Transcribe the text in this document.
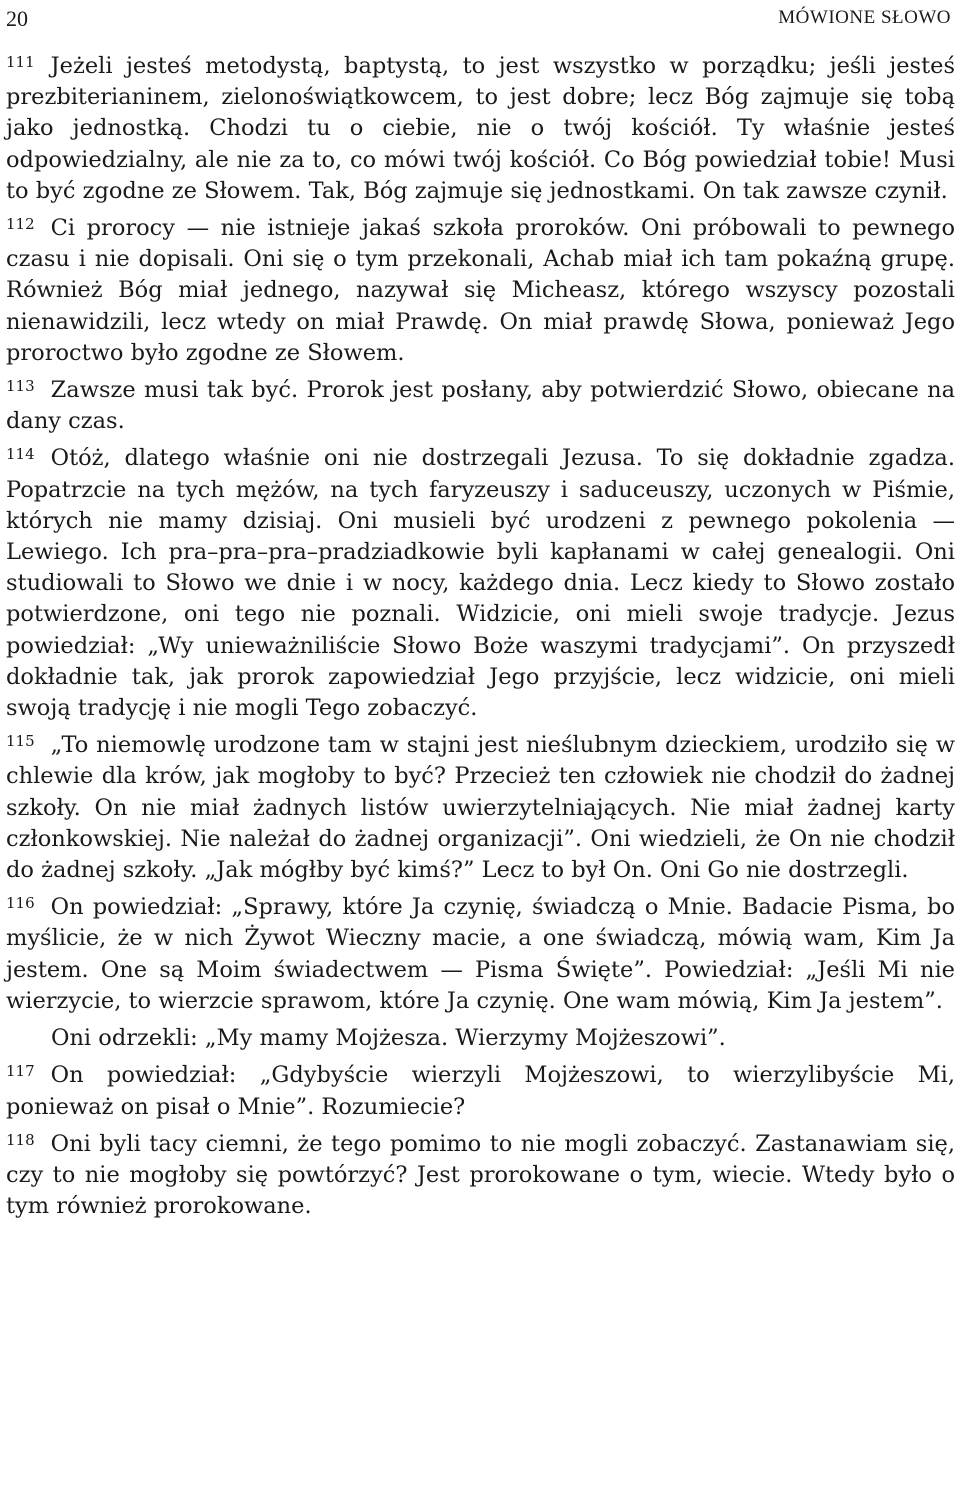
20	MÓWIONE SŁOWO

111 Jeżeli jesteś metodystą, baptystą, to jest wszystko w porządku; jeśli jesteś prezbiterianinem, zielonoświątkowcem, to jest dobre; lecz Bóg zajmuje się tobą jako jednostką. Chodzi tu o ciebie, nie o twój kościół. Ty właśnie jesteś odpowiedzialny, ale nie za to, co mówi twój kościół. Co Bóg powiedział tobie! Musi to być zgodne ze Słowem. Tak, Bóg zajmuje się jednostkami. On tak zawsze czynił.

112 Ci prorocy — nie istnieje jakaś szkoła proroków. Oni próbowali to pewnego czasu i nie dopisali. Oni się o tym przekonali, Achab miał ich tam pokaźną grupę. Również Bóg miał jednego, nazywał się Micheasz, którego wszyscy pozostali nienawidzili, lecz wtedy on miał Prawdę. On miał prawdę Słowa, ponieważ Jego proroctwo było zgodne ze Słowem.

113 Zawsze musi tak być. Prorok jest posłany, aby potwierdzić Słowo, obiecane na dany czas.

114 Otóż, dlatego właśnie oni nie dostrzegali Jezusa. To się dokładnie zgadza. Popatrzcie na tych mężów, na tych faryzeuszy i saduceuszy, uczonych w Piśmie, których nie mamy dzisiaj. Oni musieli być urodzeni z pewnego pokolenia — Lewiego. Ich pra–pra–pra–pradziadkowie byli kapłanami w całej genealogii. Oni studiowali to Słowo we dnie i w nocy, każdego dnia. Lecz kiedy to Słowo zostało potwierdzone, oni tego nie poznali. Widzicie, oni mieli swoje tradycje. Jezus powiedział: „Wy unieważniliście Słowo Boże waszymi tradycjami”. On przyszedł dokładnie tak, jak prorok zapowiedział Jego przyjście, lecz widzicie, oni mieli swoją tradycję i nie mogli Tego zobaczyć.

115 „To niemowlę urodzone tam w stajni jest nieślubnym dzieckiem, urodziło się w chlewie dla krów, jak mogłoby to być? Przecież ten człowiek nie chodził do żadnej szkoły. On nie miał żadnych listów uwierzytelniających. Nie miał żadnej karty członkowskiej. Nie należał do żadnej organizacji”. Oni wiedzieli, że On nie chodził do żadnej szkoły. „Jak mógłby być kimś?” Lecz to był On. Oni Go nie dostrzegli.

116 On powiedział: „Sprawy, które Ja czynię, świadczą o Mnie. Badacie Pisma, bo myślicie, że w nich Żywot Wieczny macie, a one świadczą, mówią wam, Kim Ja jestem. One są Moim świadectwem — Pisma Święte”. Powiedział: „Jeśli Mi nie wierzycie, to wierzcie sprawom, które Ja czynię. One wam mówią, Kim Ja jestem”.

Oni odrzekli: „My mamy Mojżesza. Wierzymy Mojżeszowi”.

117 On powiedział: „Gdybyście wierzyli Mojżeszowi, to wierzylibyście Mi, ponieważ on pisał o Mnie”. Rozumiecie?

118 Oni byli tacy ciemni, że tego pomimo to nie mogli zobaczyć. Zastanawiam się, czy to nie mogłoby się powtórzyć? Jest prorokowane o tym, wiecie. Wtedy było o tym również prorokowane.
